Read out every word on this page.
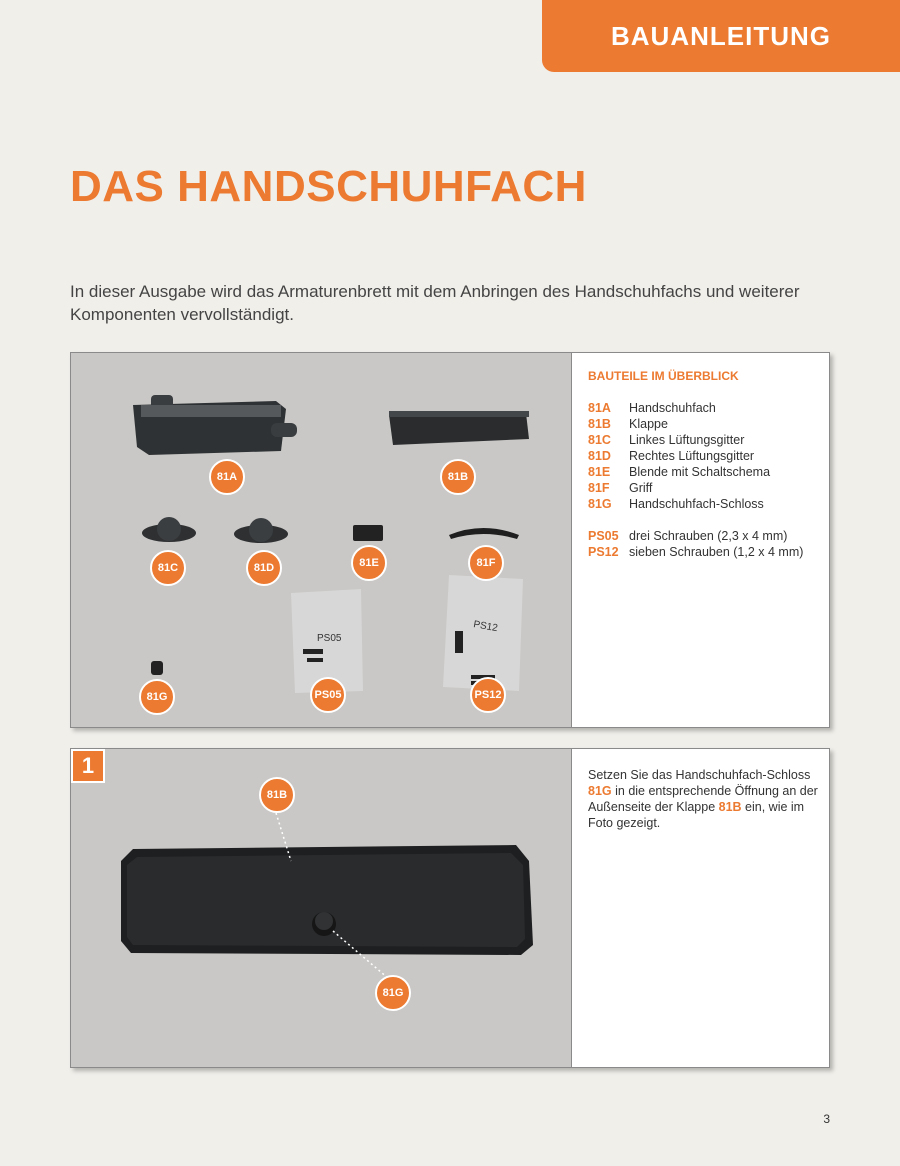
BAUANLEITUNG
DAS HANDSCHUHFACH

In dieser Ausgabe wird das Armaturenbrett mit dem Anbringen des Handschuhfachs und weiterer Komponenten vervollständigt.

PS05
PS12
81A	81B
81C	81D	81E	81F
81G	PS05	PS12
BAUTEILE IM ÜBERBLICK
81A	Handschuhfach
81B	Klappe
81C	Linkes Lüftungsgitter
81D	Rechtes Lüftungsgitter
81E	Blende mit Schaltschema
81F	Griff
81G	Handschuhfach-Schloss
PS05 drei Schrauben (2,3 x 4 mm)
PS12 sieben Schrauben (1,2 x 4 mm)
1
81B
81G

Setzen Sie das Handschuhfach-Schloss 81G in die entsprechende Öffnung an der Außenseite der Klappe 81B ein, wie im Foto gezeigt.

3
